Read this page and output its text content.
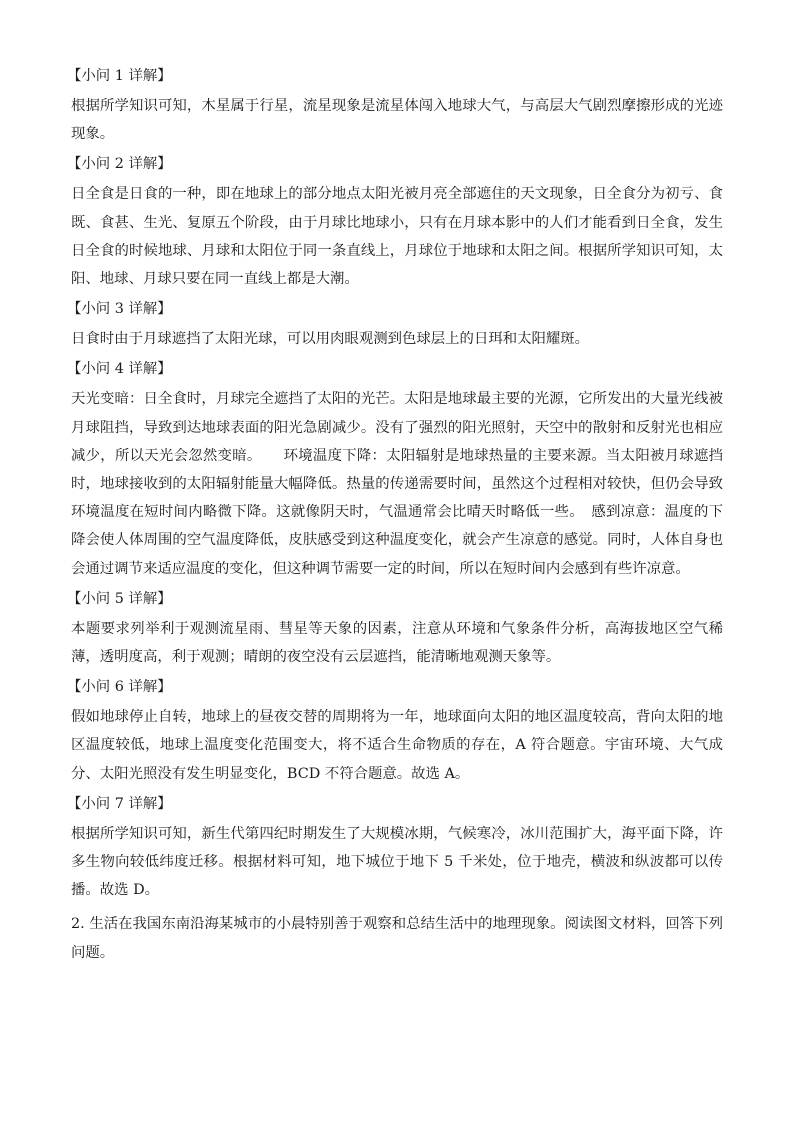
【小问 1 详解】
根据所学知识可知，木星属于行星，流星现象是流星体闯入地球大气，与高层大气剧烈摩擦形成的光迹现象。
【小问 2 详解】
日全食是日食的一种，即在地球上的部分地点太阳光被月亮全部遮住的天文现象，日全食分为初亏、食既、食甚、生光、复原五个阶段，由于月球比地球小，只有在月球本影中的人们才能看到日全食，发生日全食的时候地球、月球和太阳位于同一条直线上，月球位于地球和太阳之间。根据所学知识可知，太阳、地球、月球只要在同一直线上都是大潮。
【小问 3 详解】
日食时由于月球遮挡了太阳光球，可以用肉眼观测到色球层上的日珥和太阳耀斑。
【小问 4 详解】
天光变暗：日全食时，月球完全遮挡了太阳的光芒。太阳是地球最主要的光源，它所发出的大量光线被月球阻挡，导致到达地球表面的阳光急剧减少。没有了强烈的阳光照射，天空中的散射和反射光也相应减少，所以天光会忽然变暗。　　环境温度下降：太阳辐射是地球热量的主要来源。当太阳被月球遮挡时，地球接收到的太阳辐射能量大幅降低。热量的传递需要时间，虽然这个过程相对较快，但仍会导致环境温度在短时间内略微下降。这就像阴天时，气温通常会比晴天时略低一些。　感到凉意：温度的下降会使人体周围的空气温度降低，皮肤感受到这种温度变化，就会产生凉意的感觉。同时，人体自身也会通过调节来适应温度的变化，但这种调节需要一定的时间，所以在短时间内会感到有些许凉意。
【小问 5 详解】
本题要求列举利于观测流星雨、彗星等天象的因素，注意从环境和气象条件分析，高海拔地区空气稀薄，透明度高，利于观测；晴朗的夜空没有云层遮挡，能清晰地观测天象等。
【小问 6 详解】
假如地球停止自转，地球上的昼夜交替的周期将为一年，地球面向太阳的地区温度较高，背向太阳的地区温度较低，地球上温度变化范围变大，将不适合生命物质的存在，A 符合题意。宇宙环境、大气成分、太阳光照没有发生明显变化，BCD 不符合题意。故选 A。
【小问 7 详解】
根据所学知识可知，新生代第四纪时期发生了大规模冰期，气候寒冷，冰川范围扩大，海平面下降，许多生物向较低纬度迁移。根据材料可知，地下城位于地下 5 千米处，位于地壳，横波和纵波都可以传播。故选 D。
2. 生活在我国东南沿海某城市的小晨特别善于观察和总结生活中的地理现象。阅读图文材料，回答下列问题。
